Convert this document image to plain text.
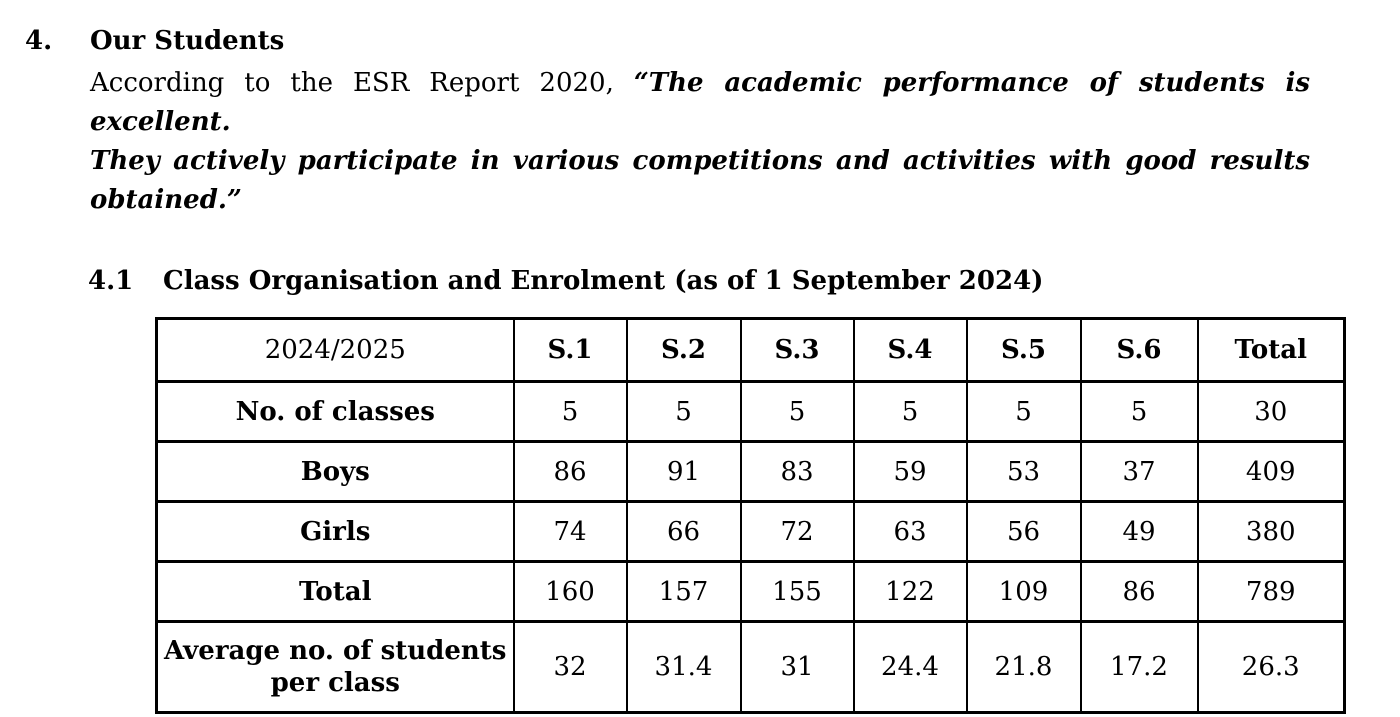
4.	Our Students
According to the ESR Report 2020, “The academic performance of students is excellent.
They actively participate in various competitions and activities with good results
obtained.”
4.1	Class Organisation and Enrolment (as of 1 September 2024)
2024/2025	S.1	S.2	S.3	S.4	S.5	S.6	Total
No. of classes	5	5	5	5	5	5	30
Boys	86	91	83	59	53	37	409
Girls	74	66	72	63	56	49	380
Total	160	157	155	122	109	86	789
Average no. of students per class	32	31.4	31	24.4	21.8	17.2	26.3
